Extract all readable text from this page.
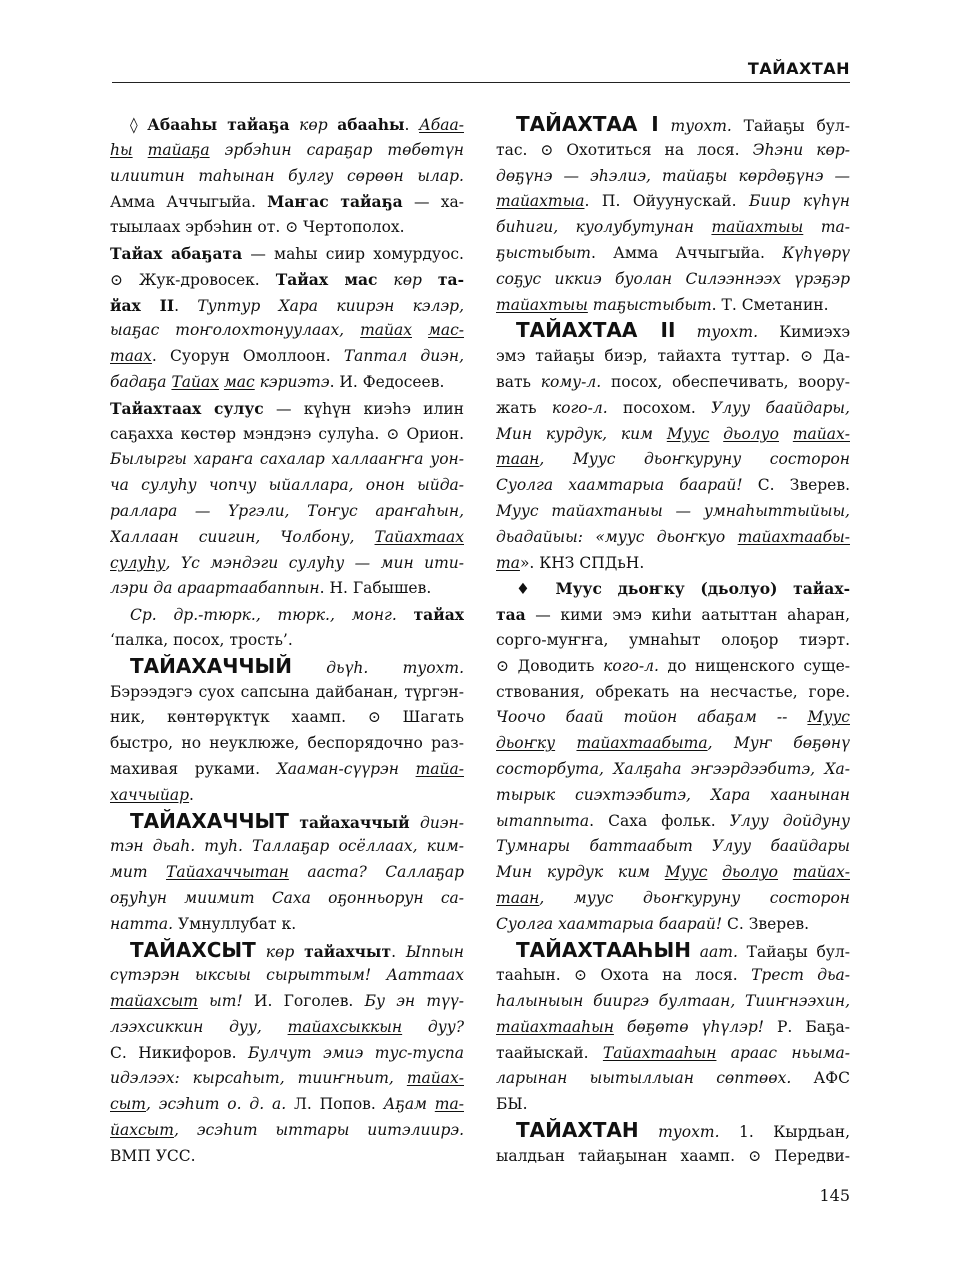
ТАЙАХТАН
◊ Абааһы тайаҕа көр абааһы. Абаа-
һы тайаҕа эрбэһин сараҕар төбөтүн
илиитин таһынан булгу сөрөөн ылар.
Амма Аччыгыйа. Маҥас тайаҕа — ха-
тыылаах эрбэһин от. ⊙ Чертополох.
Тайах абаҕата — маһы сиир хомурдуос.
⊙ Жук-дровосек. Тайах мас көр та-
йах II. Туптур Хара киирэн кэлэр,
ыаҕас тоҥолохтонуулаах, тайах мас-
таах. Суорун Омоллоон. Таптал диэн,
бадаҕа Тайах мас кэриэтэ. И. Федосеев.
Тайахтаах сулус — күһүн киэһэ илин
саҕахха көстөр мэндэнэ сулуһа. ⊙ Орион.
Былыргы хараҥа сахалар халлааҥҥа уон-
ча сулуһу чопчу ыйаллара, онон ыйда-
раллара — Үргэли, Тоҥус араҥаһын,
Халлаан сиигин, Чолбону, Тайахтаах
сулуһу, Үс мэндэги сулуһу — мин ити-
лэри да араартаабаппын. Н. Габышев.
Ср. др.-тюрк., тюрк., монг. тайах
‘палка, посох, трость’.
ТАЙАХАЧЧЫЙ дьүһ. туохт.
Бэрээдэгэ суох сапсына дайбанан, түргэн-
ник, көнтөрүктүк хаамп. ⊙ Шагать
быстро, но неуклюже, беспорядочно раз-
махивая руками. Хааман-сүүрэн тайа-
хаччыйар.
ТАЙАХАЧЧЫТ тайахаччый диэн-
тэн дьаһ. туһ. Таллаҕар осёллаах, ким-
мит Тайахаччытан ааста? Саллаҕар
оҕуһун миимит Саха оҕонньорун са-
натта. Умнуллубат к.
ТАЙАХСЫТ көр тайахчыт. Ыппын
сүтэрэн ыксыы сырыттым! Ааттаах
тайахсыт ыт! И. Гоголев. Бу эн түү-
лээхсиккин дуу, тайахсыккын дуу?
С. Никифоров. Булчут эмиэ тус-туспа
идэлээх: кырсаһыт, тииҥньит, тайах-
сыт, эсэһит о. д. а. Л. Попов. Аҕам та-
йахсыт, эсэһит ыттары иитэлиирэ.
ВМП УСС.
ТАЙАХТАА I туохт. Тайаҕы бул-
тас. ⊙ Охотиться на лося. Эһэни көр-
дөҕүнэ — эһэлиэ, тайаҕы көрдөҕүнэ —
тайахтыа. П. Ойуунускай. Биир күһүн
биһиги, куолубутунан тайахтыы та-
ҕыстыбыт. Амма Аччыгыйа. Күһүөрү
соҕус иккиэ буолан Силээннээх үрэҕэр
тайахтыы таҕыстыбыт. Т. Сметанин.
ТАЙАХТАА II туохт. Кимиэхэ
эмэ тайаҕы биэр, тайахта туттар. ⊙ Да-
вать кому-л. посох, обеспечивать, воору-
жать кого-л. посохом. Улуу баайдары,
Мин курдук, ким Муус дьолуо тайах-
таан, Муус дьоҥкуруну состорон
Суолга хаамтарыа баарай! С. Зверев.
Муус тайахтаныы — умнаһыттыйыы,
дьадайыы: «муус дьоҥкуо тайахтаабы-
та». КНЗ СПДьН.
♦ Муус дьоҥку (дьолуо) тайах-
таа — кими эмэ киһи аатыттан аһаран,
сорго-муҥҥа, умнаһыт олоҕор тиэрт.
⊙ Доводить кого-л. до нищенского суще-
ствования, обрекать на несчастье, горе.
Чоочо баай тойон абаҕам -- Муус
дьоҥку тайахтаабыта, Муҥ бөҕөнү
состорбута, Халҕаһа эҥээрдээбитэ, Ха-
тырык сиэхтээбитэ, Хара хаанынан
ытаппыта. Саха фольк. Улуу дойдуну
Тумнары баттаабыт Улуу баайдары
Мин курдук ким Муус дьолуо тайах-
таан, муус дьоҥкуруну состорон
Суолга хаамтарыа баарай! С. Зверев.
ТАЙАХТААҺЫН аат. Тайаҕы бул-
тааһын. ⊙ Охота на лося. Трест дьа-
һалыныын бииргэ бултаан, Тииҥнээхин,
тайахтааһын бөҕөтө үһүлэр! Р. Баҕа-
таайыскай. Тайахтааһын араас ньыма-
ларынан ыытыллыан сөптөөх. АФС
БЫ.
ТАЙАХТАН туохт. 1. Кырдьан,
ыалдьан тайаҕынан хаамп. ⊙ Передви-
145
